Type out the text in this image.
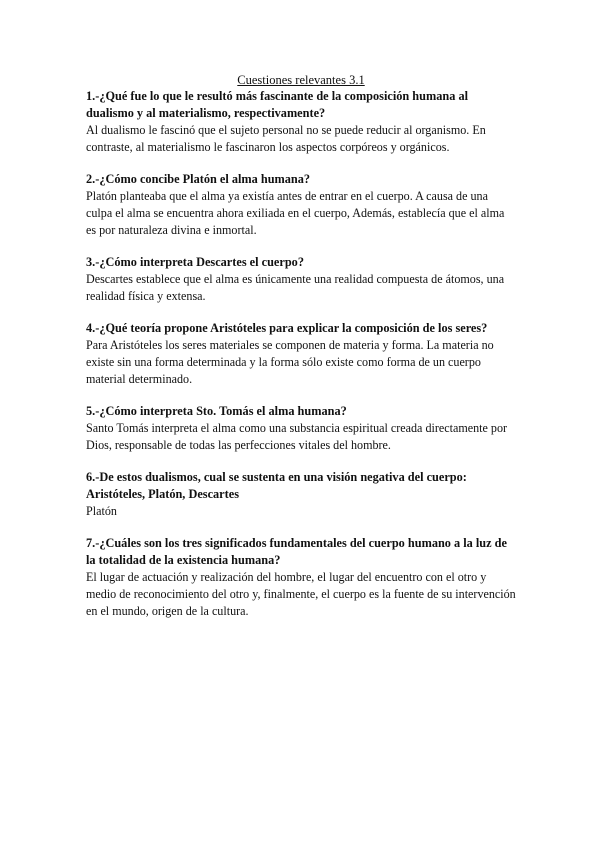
Cuestiones relevantes 3.1

1.-¿Qué fue lo que le resultó más fascinante de la composición humana al dualismo y al materialismo, respectivamente?

Al dualismo le fascinó que el sujeto personal no se puede reducir al organismo. En contraste, al materialismo le fascinaron los aspectos corpóreos y orgánicos.

2.-¿Cómo concibe Platón el alma humana?

Platón planteaba que el alma ya existía antes de entrar en el cuerpo. A causa de una culpa el alma se encuentra ahora exiliada en el cuerpo, Además, establecía que el alma es por naturaleza divina e inmortal.

3.-¿Cómo interpreta Descartes el cuerpo?

Descartes establece que el alma es únicamente una realidad compuesta de átomos, una realidad física y extensa.

4.-¿Qué teoría propone Aristóteles para explicar la composición de los seres?

Para Aristóteles los seres materiales se componen de materia y forma. La materia no existe sin una forma determinada y la forma sólo existe como forma de un cuerpo material determinado.

5.-¿Cómo interpreta Sto. Tomás el alma humana?

Santo Tomás interpreta el alma como una substancia espiritual creada directamente por Dios, responsable de todas las perfecciones vitales del hombre.

6.-De estos dualismos, cual se sustenta en una visión negativa del cuerpo: Aristóteles, Platón, Descartes

Platón

7.-¿Cuáles son los tres significados fundamentales del cuerpo humano a la luz de la totalidad de la existencia humana?

El lugar de actuación y realización del hombre, el lugar del encuentro con el otro y medio de reconocimiento del otro y, finalmente, el cuerpo es la fuente de su intervención en el mundo, origen de la cultura.
